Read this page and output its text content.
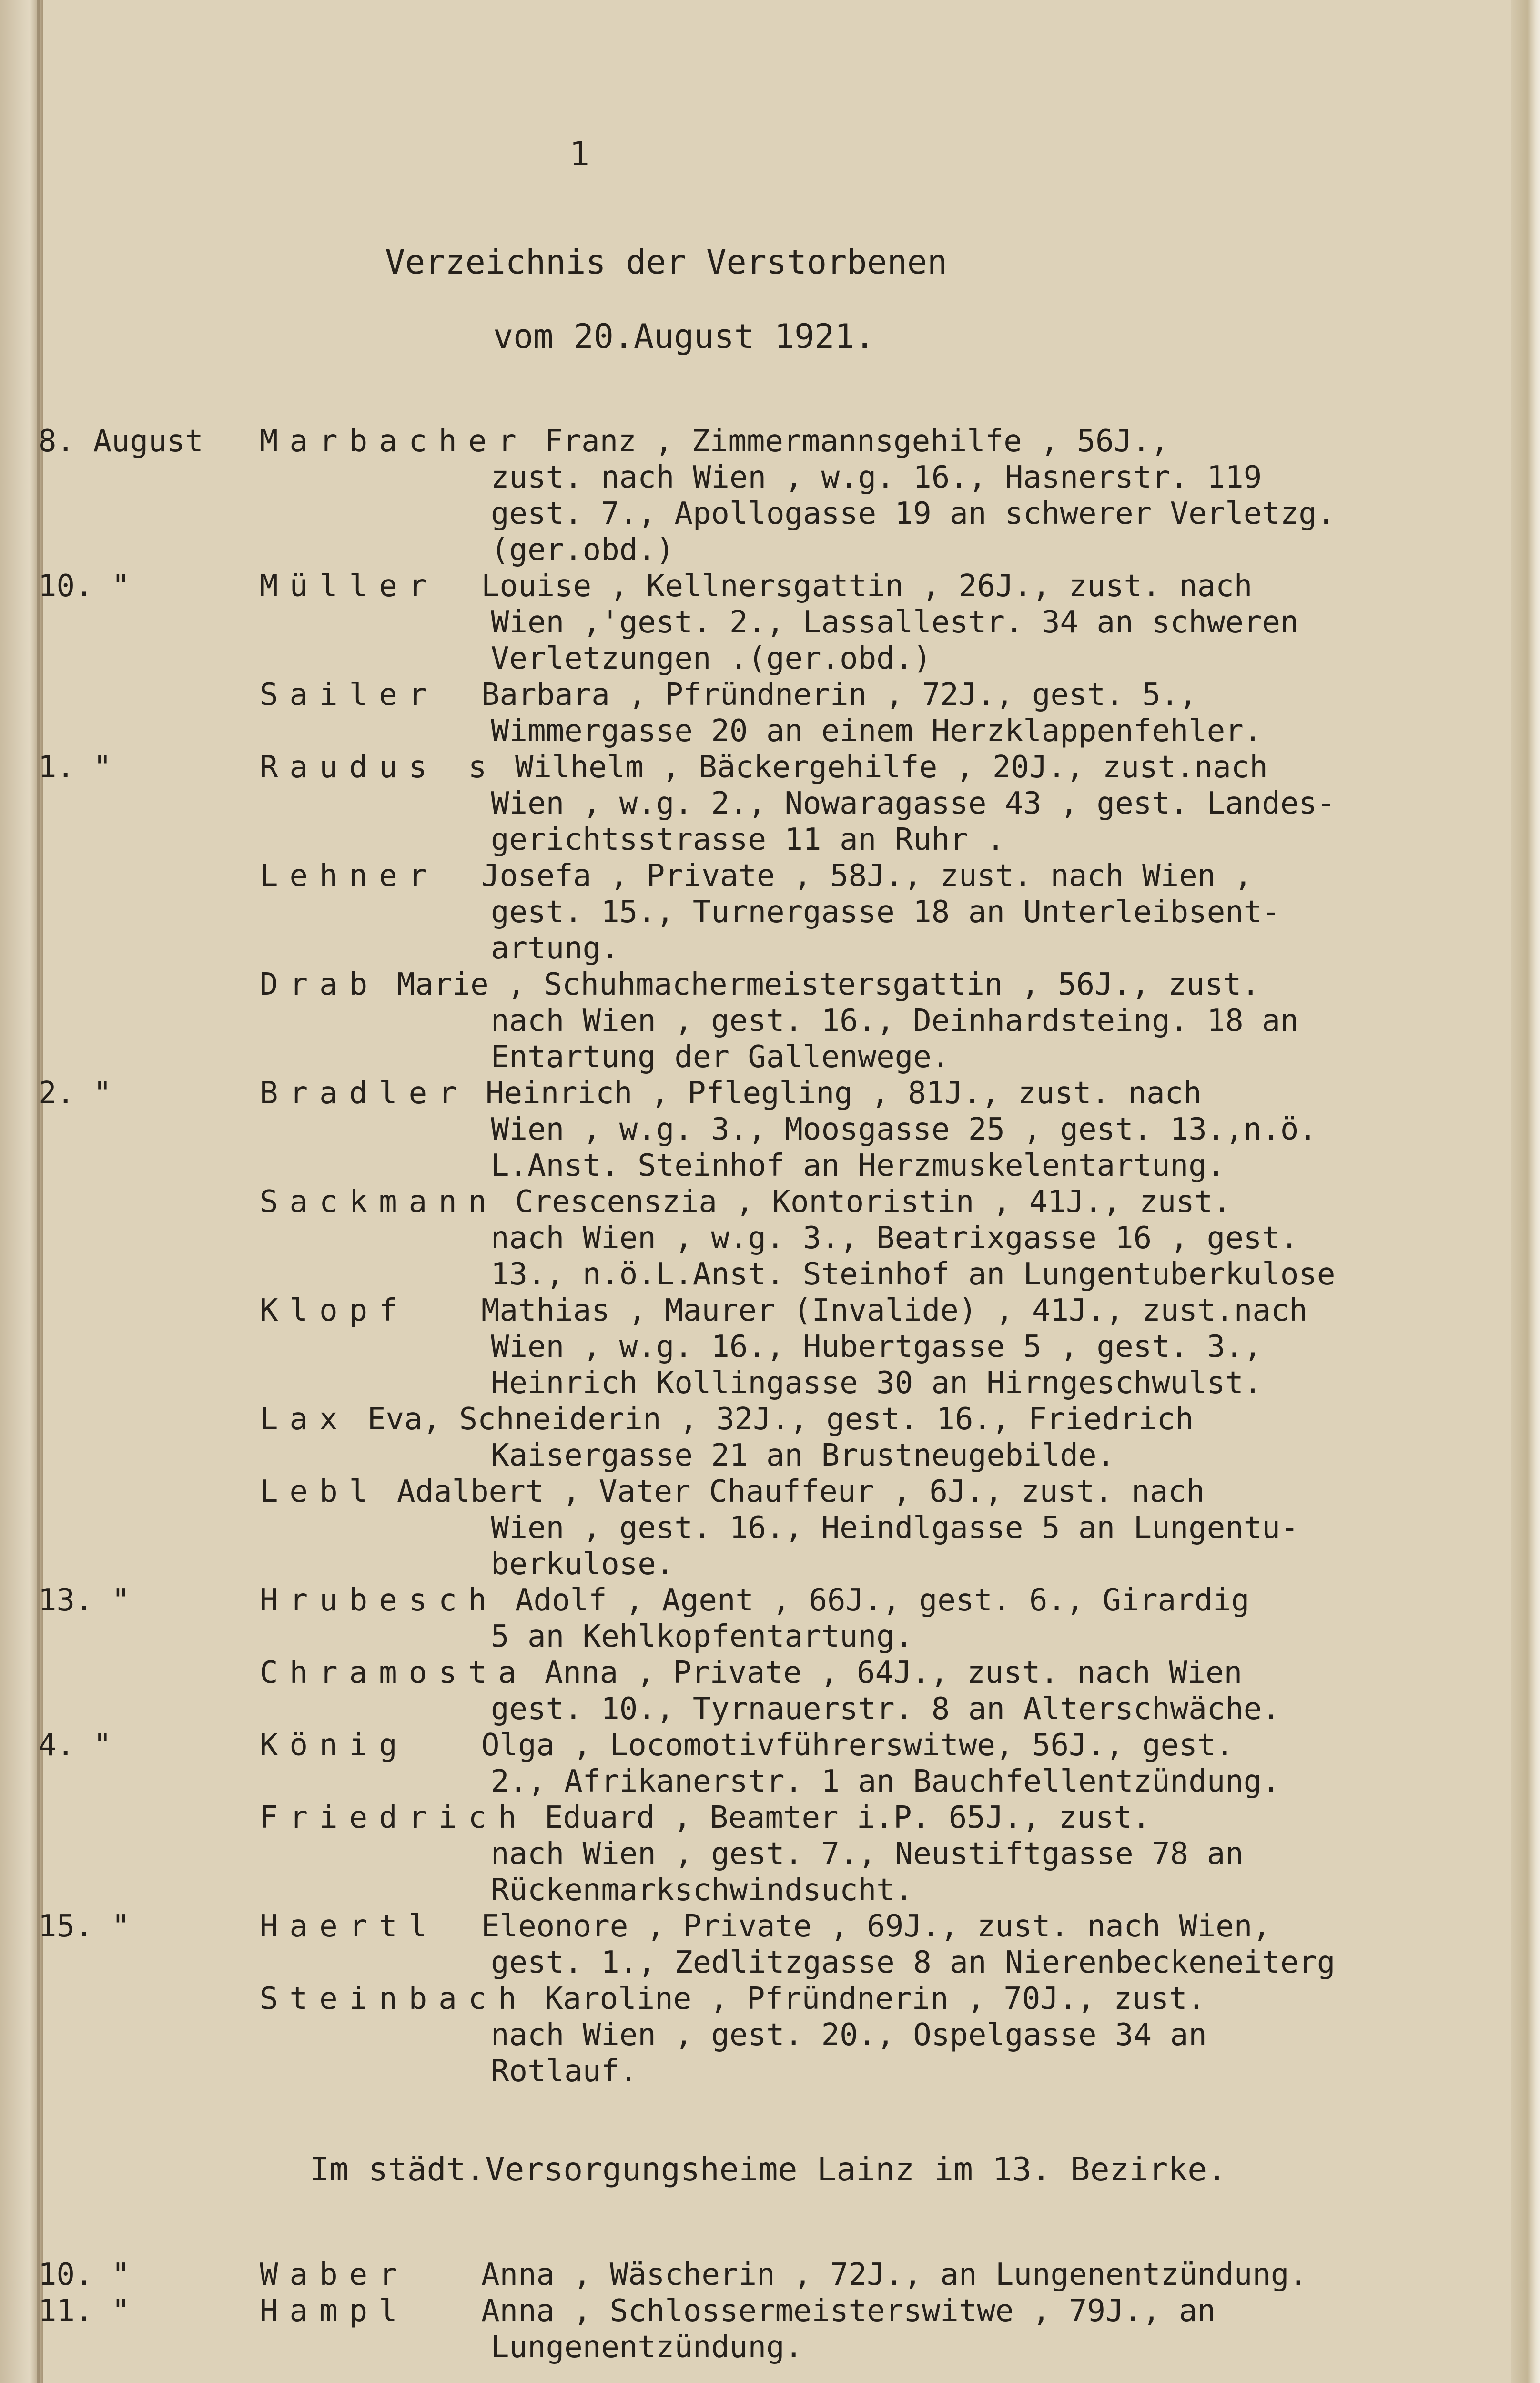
1
Verzeichnis der Verstorbenen
vom 20.August 1921.
8. August Marbacher Franz , Zimmermannsgehilfe , 56J.,
zust. nach Wien , w.g. 16., Hasnerstr. 119
gest. 7., Apollogasse 19 an schwerer Verletzg.
(ger.obd.)
10. "	Müller Louise , Kellnersgattin , 26J., zust. nach
Wien ,'gest. 2., Lassallestr. 34 an schweren
Verletzungen .(ger.obd.)
Sailer Barbara , Pfründnerin , 72J., gest. 5.,
Wimmergasse 20 an einem Herzklappenfehler.
1. "	Raudus s Wilhelm , Bäckergehilfe , 20J., zust.nach
Wien , w.g. 2., Nowaragasse 43 , gest. Landes-
gerichtsstrasse 11 an Ruhr .
Lehner Josefa , Private , 58J., zust. nach Wien ,
gest. 15., Turnergasse 18 an Unterleibsent-
artung.
Drab Marie , Schuhmachermeistersgattin , 56J., zust.
nach Wien , gest. 16., Deinhardsteing. 18 an
Entartung der Gallenwege.
2. "	Bradler Heinrich , Pflegling , 81J., zust. nach
Wien , w.g. 3., Moosgasse 25 , gest. 13.,n.ö.
L.Anst. Steinhof an Herzmuskelentartung.
Sackmann Crescenszia , Kontoristin , 41J., zust.
nach Wien , w.g. 3., Beatrixgasse 16 , gest.
13., n.ö.L.Anst. Steinhof an Lungentuberkulose
Klopf Mathias , Maurer (Invalide) , 41J., zust.nach
Wien , w.g. 16., Hubertgasse 5 , gest. 3.,
Heinrich Kollingasse 30 an Hirngeschwulst.
Lax Eva, Schneiderin , 32J., gest. 16., Friedrich
Kaisergasse 21 an Brustneugebilde.
Lebl Adalbert , Vater Chauffeur , 6J., zust. nach
Wien , gest. 16., Heindlgasse 5 an Lungentu-
berkulose.
13. "	Hrubesch Adolf , Agent , 66J., gest. 6., Girardig
5 an Kehlkopfentartung.
Chramosta Anna , Private , 64J., zust. nach Wien
gest. 10., Tyrnauerstr. 8 an Alterschwäche.
4. "	König Olga , Locomotivführerswitwe, 56J., gest.
2., Afrikanerstr. 1 an Bauchfellentzündung.
Friedrich Eduard , Beamter i.P. 65J., zust.
nach Wien , gest. 7., Neustiftgasse 78 an
Rückenmarkschwindsucht.
15. "	Haertl Eleonore , Private , 69J., zust. nach Wien,
gest. 1., Zedlitzgasse 8 an Nierenbeckeneiterg
Steinbach Karoline , Pfründnerin , 70J., zust.
nach Wien , gest. 20., Ospelgasse 34 an
Rotlauf.
Im städt.Versorgungsheime Lainz im 13. Bezirke.
10. "	Waber Anna , Wäscherin , 72J., an Lungenentzündung.
11. "	Hampl Anna , Schlossermeisterswitwe , 79J., an
Lungenentzündung.
